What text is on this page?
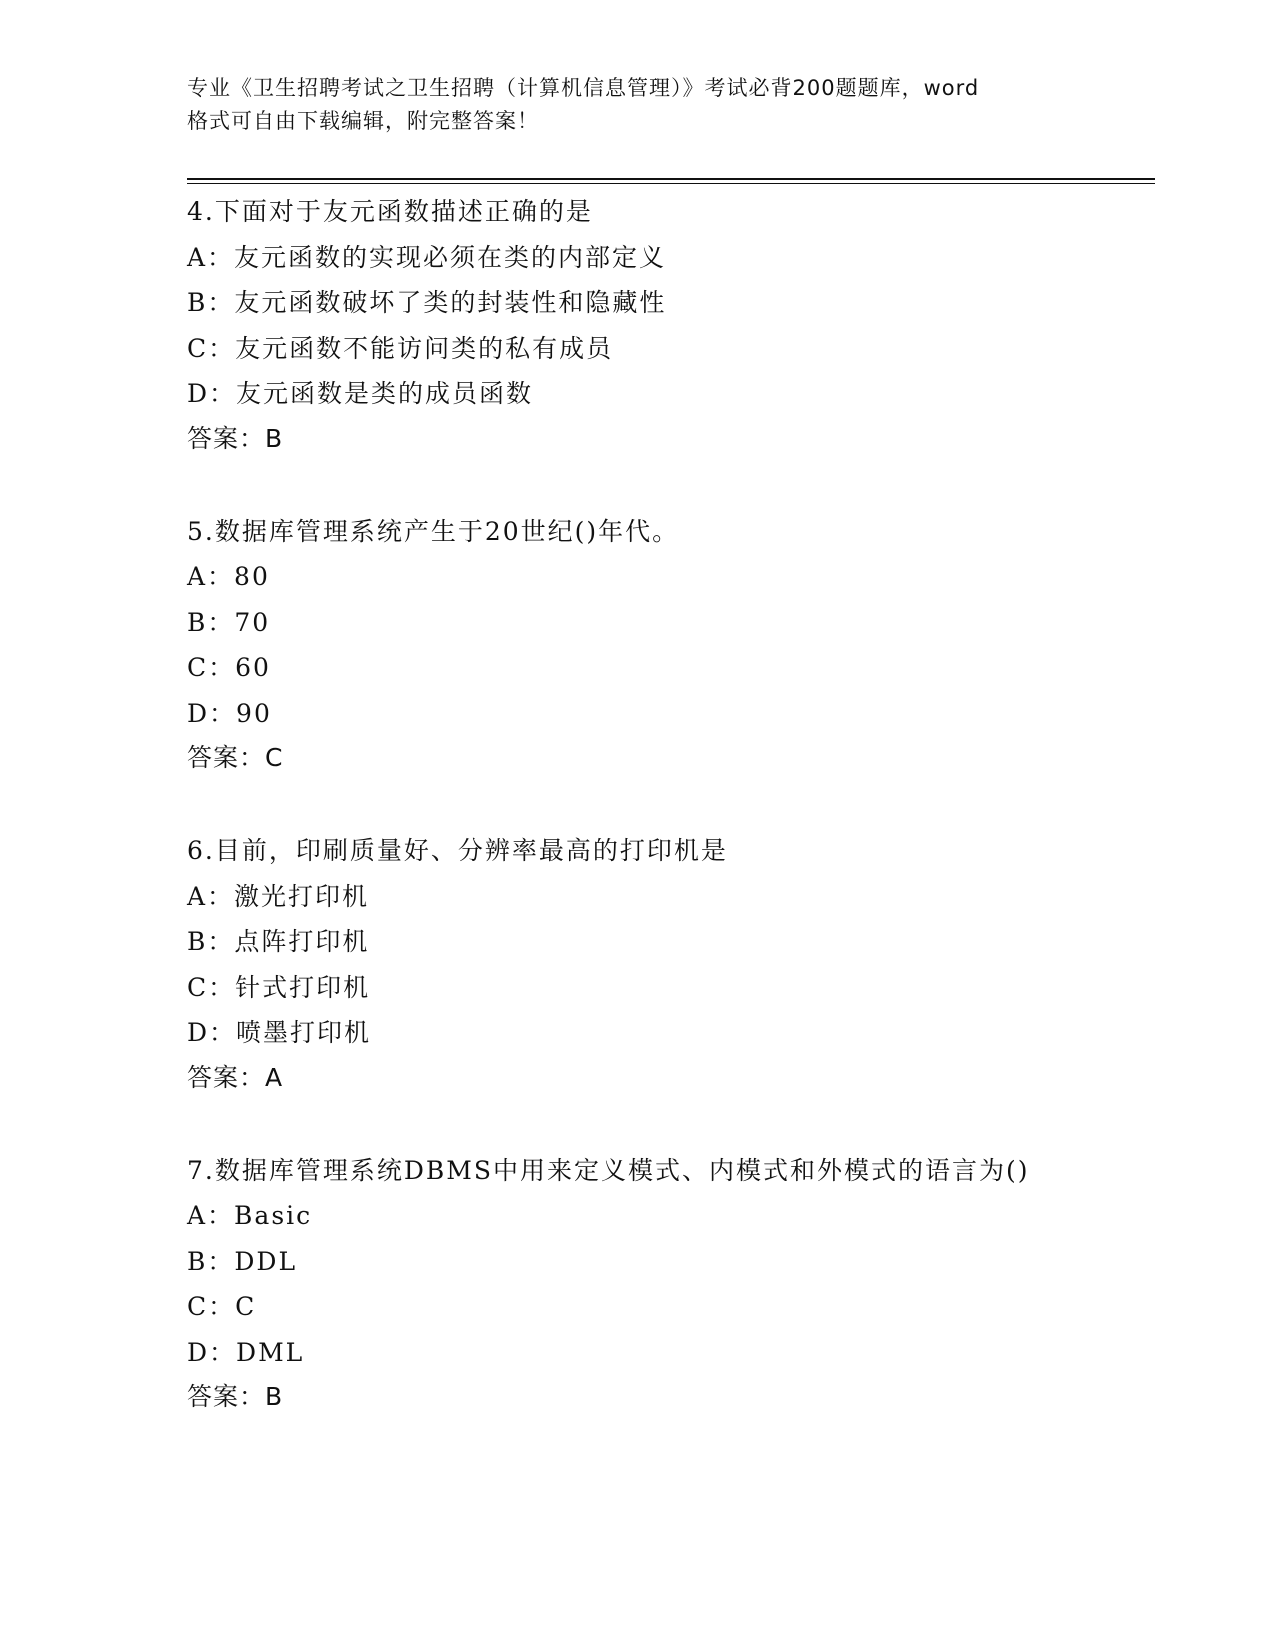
专业《卫生招聘考试之卫生招聘（计算机信息管理）》考试必背200题题库，word
格式可自由下载编辑，附完整答案！
4.下面对于友元函数描述正确的是
A：友元函数的实现必须在类的内部定义
B：友元函数破坏了类的封装性和隐藏性
C：友元函数不能访问类的私有成员
D：友元函数是类的成员函数
答案：B
5.数据库管理系统产生于20世纪()年代。
A：80
B：70
C：60
D：90
答案：C
6.目前，印刷质量好、分辨率最高的打印机是
A：激光打印机
B：点阵打印机
C：针式打印机
D：喷墨打印机
答案：A
7.数据库管理系统DBMS中用来定义模式、内模式和外模式的语言为()
A：Basic
B：DDL
C：C
D：DML
答案：B
